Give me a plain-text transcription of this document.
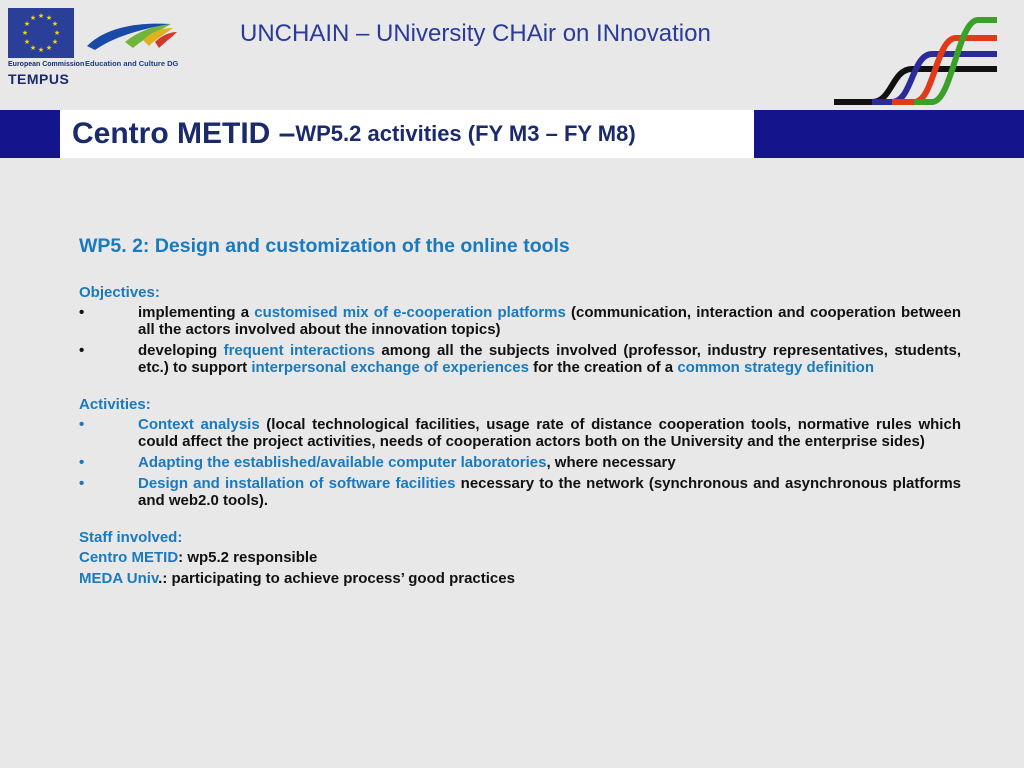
★ ★
★
★
★
★
★
★
★
★
★
★
European Commission
TEMPUS
Education and Culture DG
UNCHAIN – UNiversity CHAir on INnovation
Centro METID – WP5.2 activities (FY M3 – FY M8)
WP5. 2: Design and customization of the online tools
Objectives:
•	implementing a customised mix of e-cooperation platforms (communication, interaction and cooperation between all the actors involved about the innovation topics)
•	developing frequent interactions among all the subjects involved (professor, industry representatives, students, etc.) to support interpersonal exchange of experiences for the creation of a common strategy definition
Activities:
•	Context analysis (local technological facilities, usage rate of distance cooperation tools, normative rules which could affect the project activities, needs of cooperation actors both on the University and the enterprise sides)
•	Adapting the established/available computer laboratories, where necessary
•	Design and installation of software facilities necessary to the network (synchronous and asynchronous platforms and web2.0 tools).
Staff involved:
Centro METID: wp5.2 responsible
MEDA Univ.: participating to achieve process’ good practices
